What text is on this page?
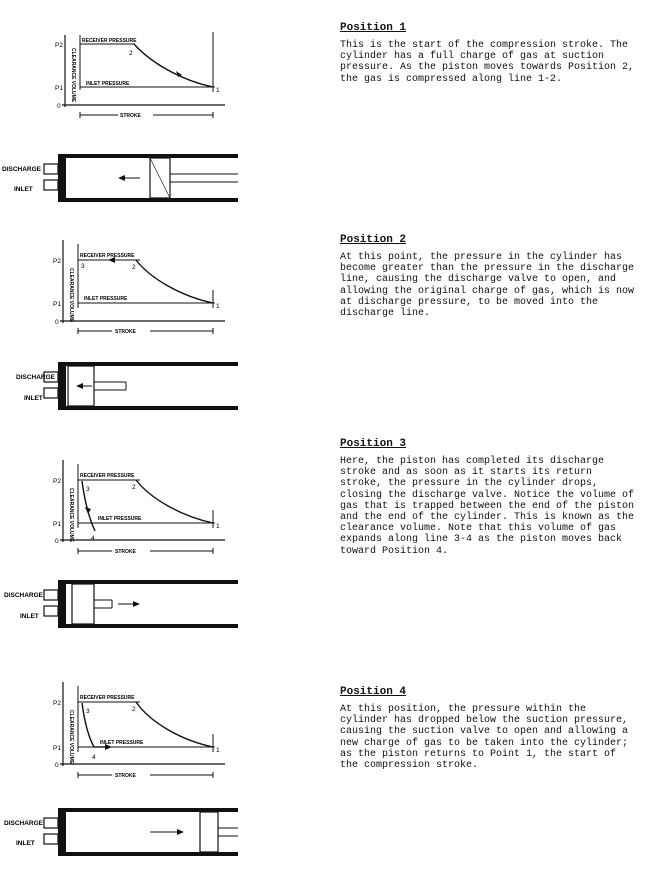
P2
P1
0
RECEIVER PRESSURE
INLET PRESSURE
CLEARANCE VOLUME
STROKE
2
1
DISCHARGE
INLET

Position 1

This is the start of the compression stroke. The cylinder has a full charge of gas at suction pressure. As the piston moves towards Position 2, the gas is compressed along line 1-2.

P2
P1
0
RECEIVER PRESSURE
INLET PRESSURE
CLEARANCE VOLUME
STROKE
3	2
1
DISCHARGE
INLET

Position 2

At this point, the pressure in the cylinder has become greater than the pressure in the discharge line, causing the discharge valve to open, and allowing the original charge of gas, which is now at discharge pressure, to be moved into the discharge line.

P2
P1
0
RECEIVER PRESSURE
INLET PRESSURE
CLEARANCE VOLUME
STROKE
3	2
4
1
DISCHARGE
INLET

Position 3

Here, the piston has completed its discharge stroke and as soon as it starts its return stroke, the pressure in the cylinder drops, closing the discharge valve. Notice the volume of gas that is trapped between the end of the piston and the end of the cylinder. This is known as the clearance volume. Note that this volume of gas expands along line 3-4 as the piston moves back toward Position 4.

P2
P1
0
RECEIVER PRESSURE
INLET PRESSURE
CLEARANCE VOLUME
STROKE
3	2
4
1
DISCHARGE
INLET

Position 4

At this position, the pressure within the cylinder has dropped below the suction pressure, causing the suction valve to open and allowing a new charge of gas to be taken into the cylinder; as the piston returns to Point 1, the start of the compression stroke.
